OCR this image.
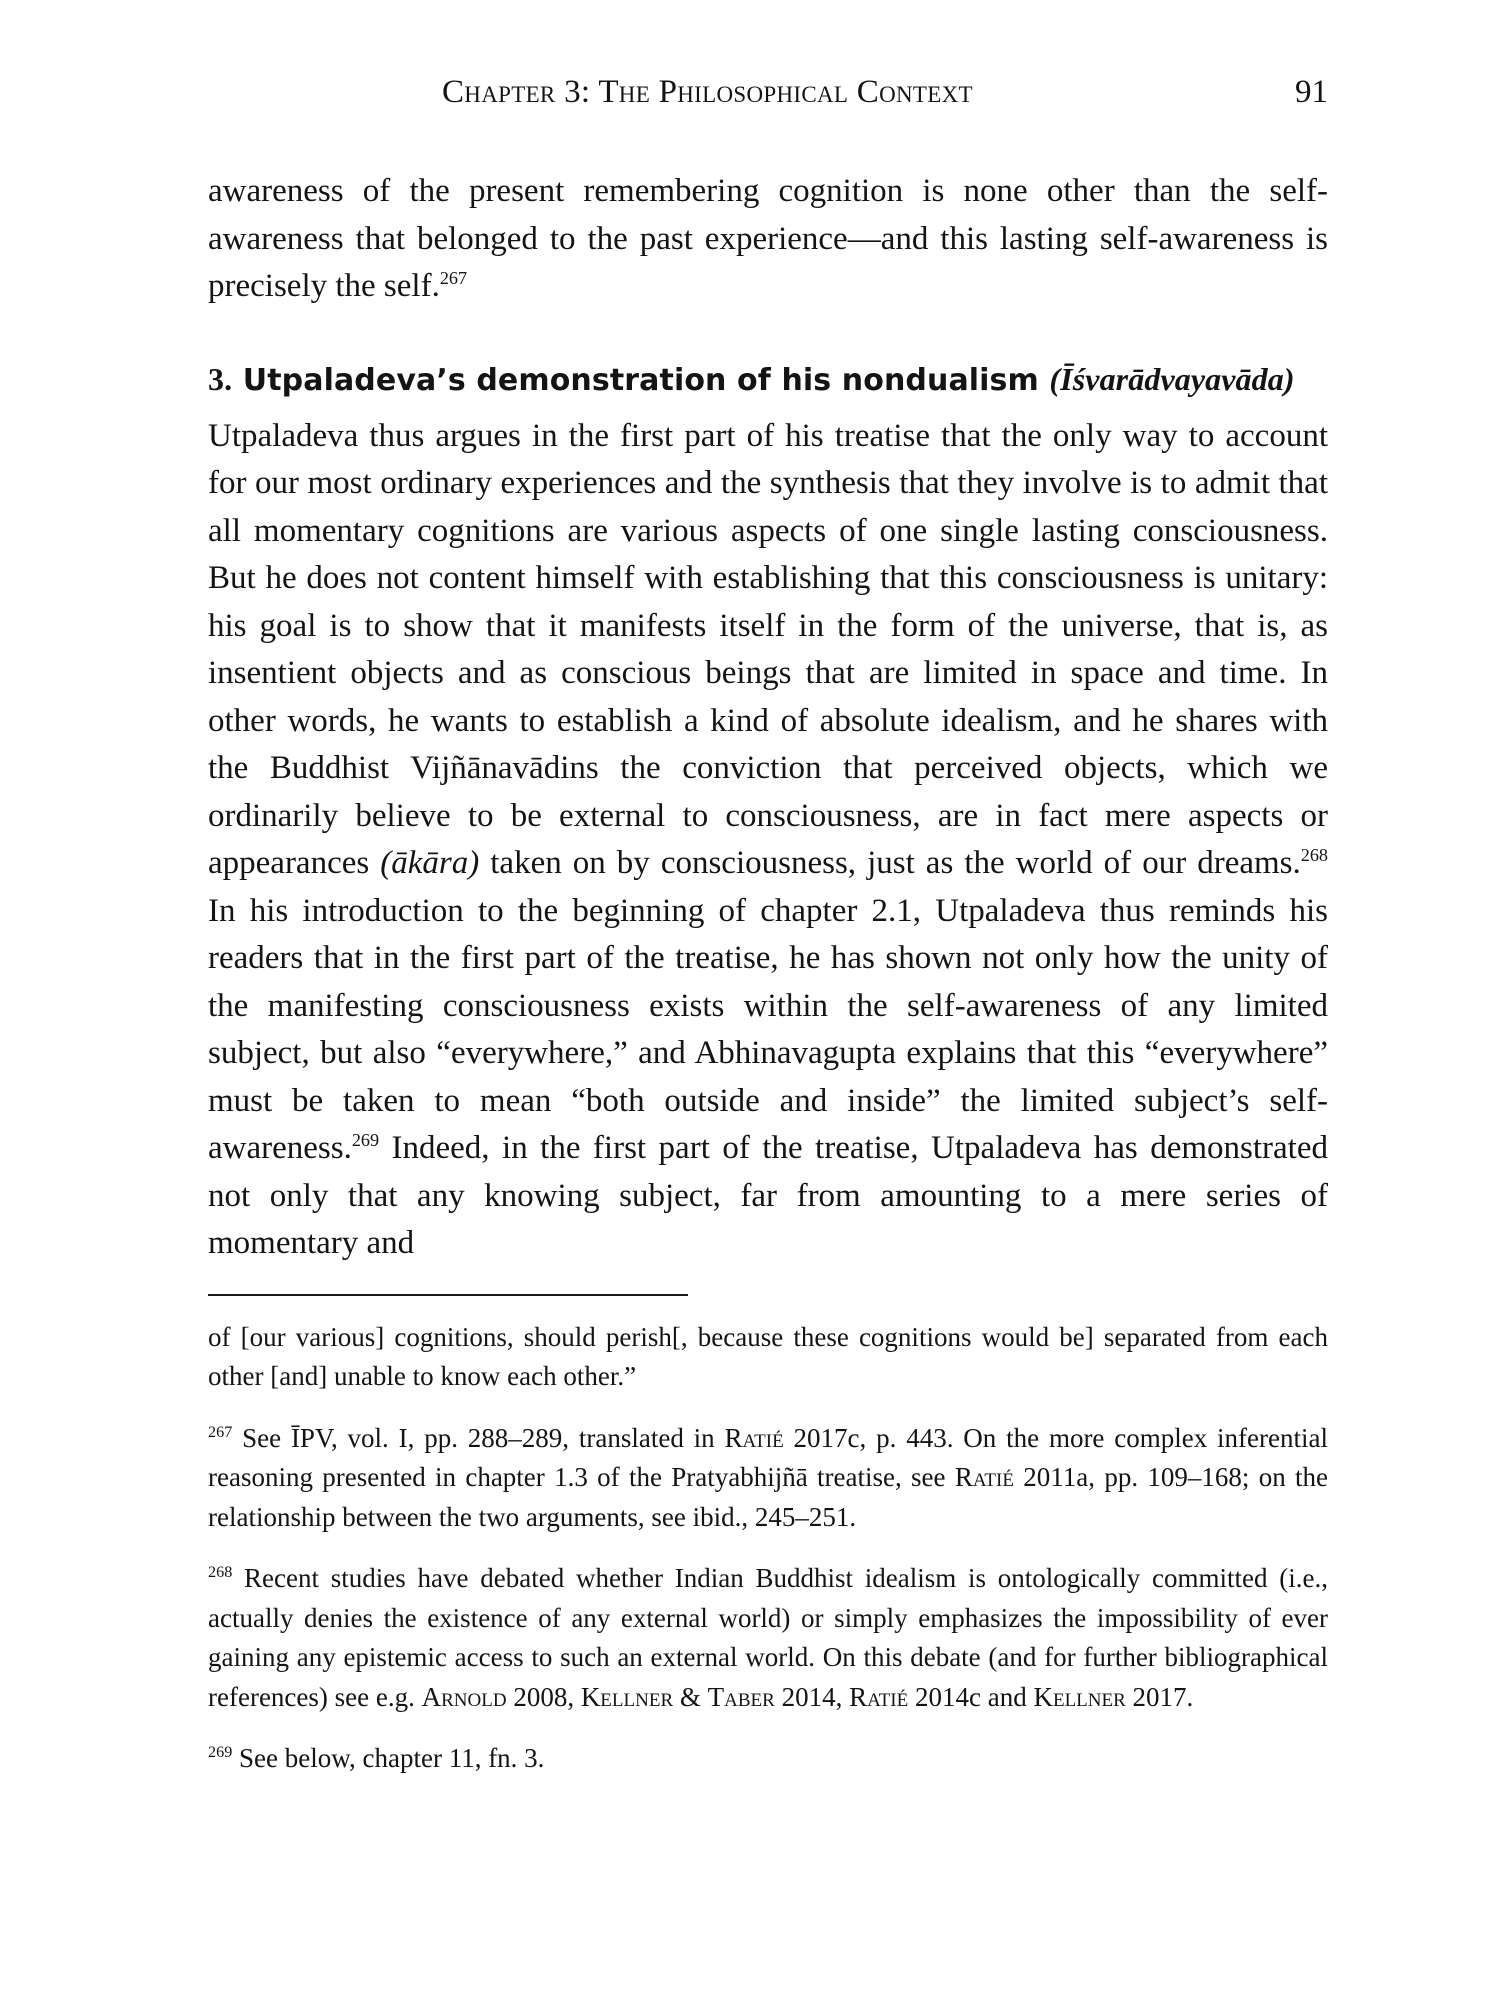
Chapter 3: The Philosophical Context	91

awareness of the present remembering cognition is none other than the self-awareness that belonged to the past experience—and this lasting self-awareness is precisely the self.$^{267}$

3. Utpaladeva’s demonstration of his nondualism (Īśvarādvayavāda)

Utpaladeva thus argues in the first part of his treatise that the only way to account for our most ordinary experiences and the synthesis that they involve is to admit that all momentary cognitions are various aspects of one single lasting consciousness. But he does not content himself with establishing that this consciousness is unitary: his goal is to show that it manifests itself in the form of the universe, that is, as insentient objects and as conscious beings that are limited in space and time. In other words, he wants to establish a kind of absolute idealism, and he shares with the Buddhist Vijñānavādins the conviction that perceived objects, which we ordinarily believe to be external to consciousness, are in fact mere aspects or appearances (ākāra) taken on by consciousness, just as the world of our dreams.$^{268}$ In his introduction to the beginning of chapter 2.1, Utpaladeva thus reminds his readers that in the first part of the treatise, he has shown not only how the unity of the manifesting consciousness exists within the self-awareness of any limited subject, but also “everywhere,” and Abhinavagupta explains that this “everywhere” must be taken to mean “both outside and inside” the limited subject’s self-awareness.$^{269}$ Indeed, in the first part of the treatise, Utpaladeva has demonstrated not only that any knowing subject, far from amounting to a mere series of momentary and

of [our various] cognitions, should perish[, because these cognitions would be] separated from each other [and] unable to know each other.”

$^{267}$ See ĪPV, vol. I, pp. 288–289, translated in Ratié 2017c, p. 443. On the more complex inferential reasoning presented in chapter 1.3 of the Pratyabhijñā treatise, see Ratié 2011a, pp. 109–168; on the relationship between the two arguments, see ibid., 245–251.

$^{268}$ Recent studies have debated whether Indian Buddhist idealism is ontologically committed (i.e., actually denies the existence of any external world) or simply emphasizes the impossibility of ever gaining any epistemic access to such an external world. On this debate (and for further bibliographical references) see e.g. Arnold 2008, Kellner & Taber 2014, Ratié 2014c and Kellner 2017.

$^{269}$ See below, chapter 11, fn. 3.
